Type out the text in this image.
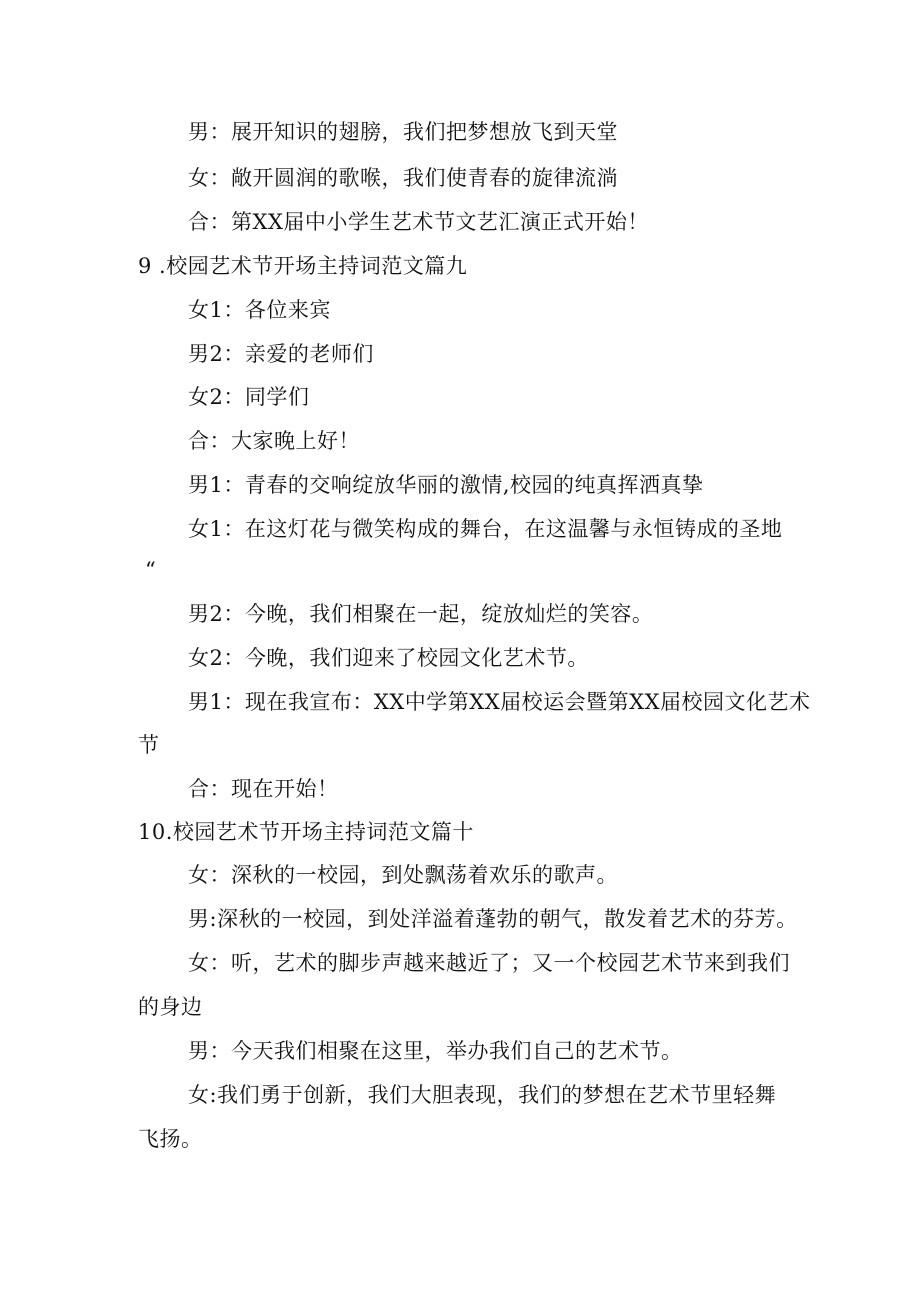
男：展开知识的翅膀，我们把梦想放飞到天堂
女：敞开圆润的歌喉，我们使青春的旋律流淌
合：第XX届中小学生艺术节文艺汇演正式开始！
9 .校园艺术节开场主持词范文篇九
女1：各位来宾
男2：亲爱的老师们
女2：同学们
合：大家晚上好！
男1：青春的交响绽放华丽的激情,校园的纯真挥洒真挚
女1：在这灯花与微笑构成的舞台，在这温馨与永恒铸成的圣地
“
男2：今晚，我们相聚在一起，绽放灿烂的笑容。
女2：今晚，我们迎来了校园文化艺术节。
男1：现在我宣布：XX中学第XX届校运会暨第XX届校园文化艺术
节
合：现在开始！
10.校园艺术节开场主持词范文篇十
女：深秋的一校园，到处飘荡着欢乐的歌声。
男:深秋的一校园，到处洋溢着蓬勃的朝气，散发着艺术的芬芳。
女：听，艺术的脚步声越来越近了；又一个校园艺术节来到我们
的身边
男：今天我们相聚在这里，举办我们自己的艺术节。
女:我们勇于创新，我们大胆表现，我们的梦想在艺术节里轻舞
飞扬。
